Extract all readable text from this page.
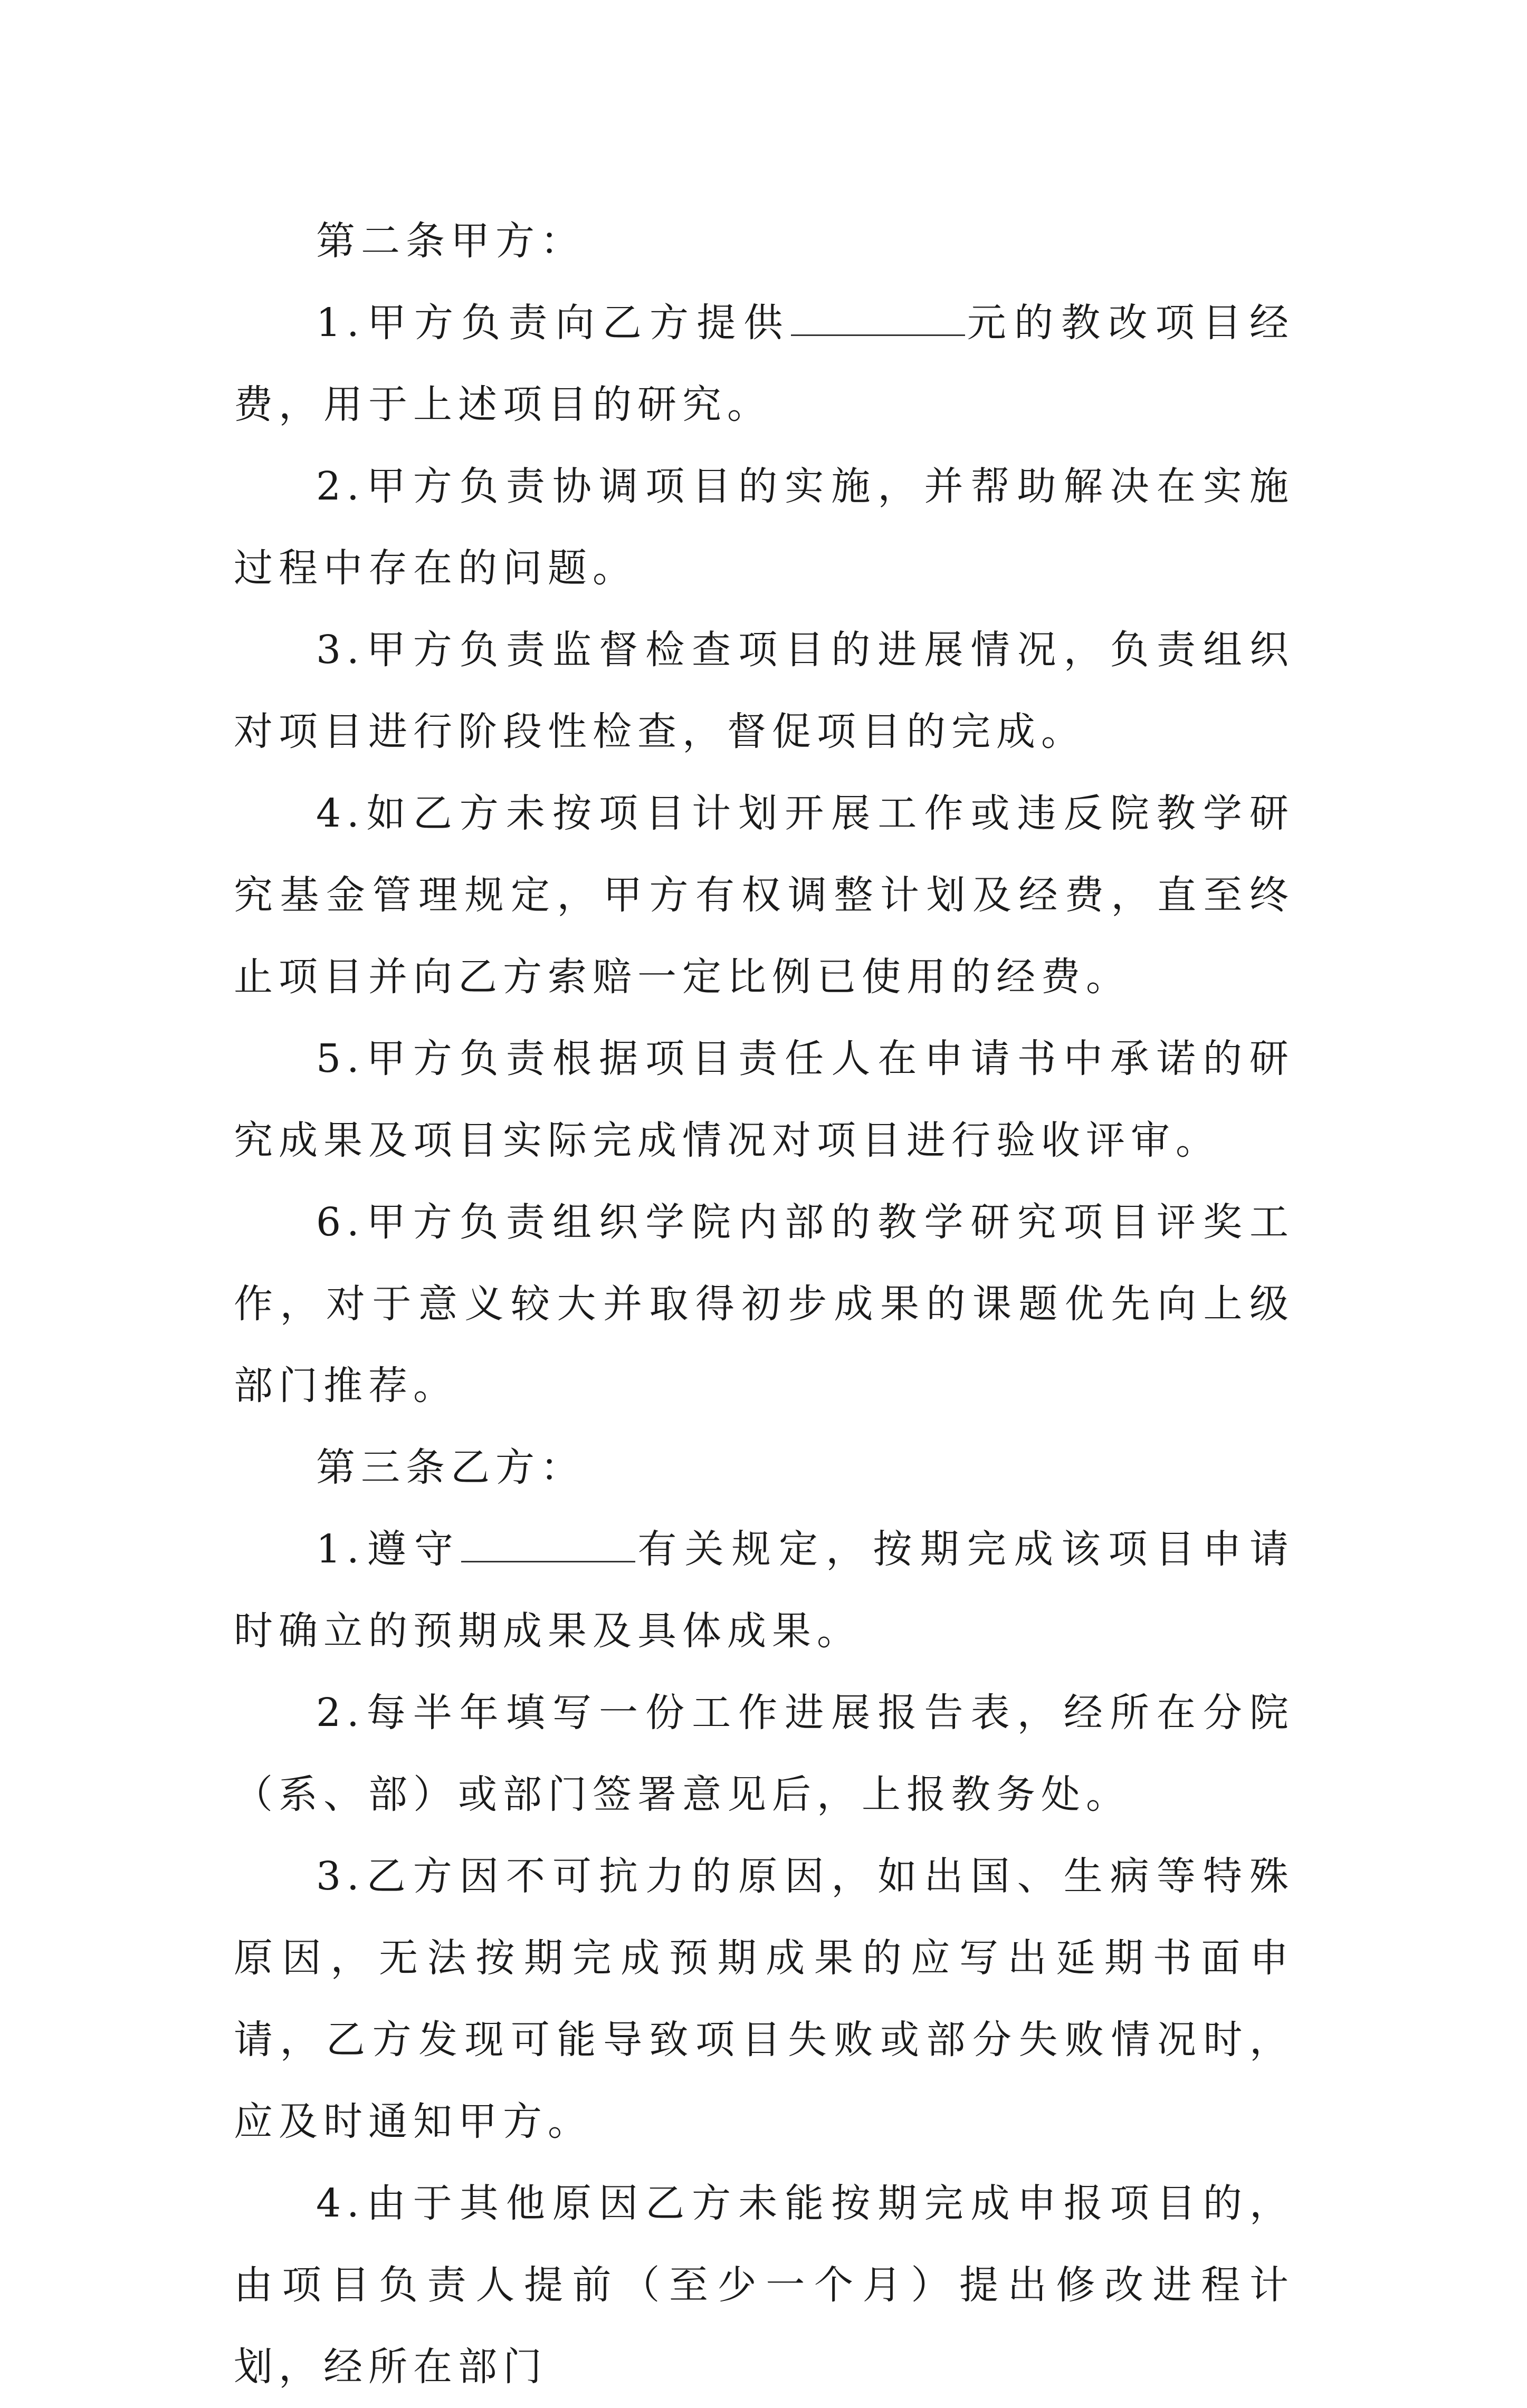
第二条甲方：

1.甲方负责向乙方提供	元的教改项目经费，用于上述项目的研究。

2.甲方负责协调项目的实施，并帮助解决在实施过程中存在的问题。

3.甲方负责监督检查项目的进展情况，负责组织对项目进行阶段性检查，督促项目的完成。

4.如乙方未按项目计划开展工作或违反院教学研究基金管理规定，甲方有权调整计划及经费，直至终止项目并向乙方索赔一定比例已使用的经费。

5.甲方负责根据项目责任人在申请书中承诺的研究成果及项目实际完成情况对项目进行验收评审。

6.甲方负责组织学院内部的教学研究项目评奖工作，对于意义较大并取得初步成果的课题优先向上级部门推荐。

第三条乙方：

1.遵守	有关规定，按期完成该项目申请时确立的预期成果及具体成果。

2.每半年填写一份工作进展报告表，经所在分院（系、部）或部门签署意见后，上报教务处。

3.乙方因不可抗力的原因，如出国、生病等特殊原因，无法按期完成预期成果的应写出延期书面申请，乙方发现可能导致项目失败或部分失败情况时，应及时通知甲方。

4.由于其他原因乙方未能按期完成申报项目的，由项目负责人提前（至少一个月）提出修改进程计划，经所在部门
